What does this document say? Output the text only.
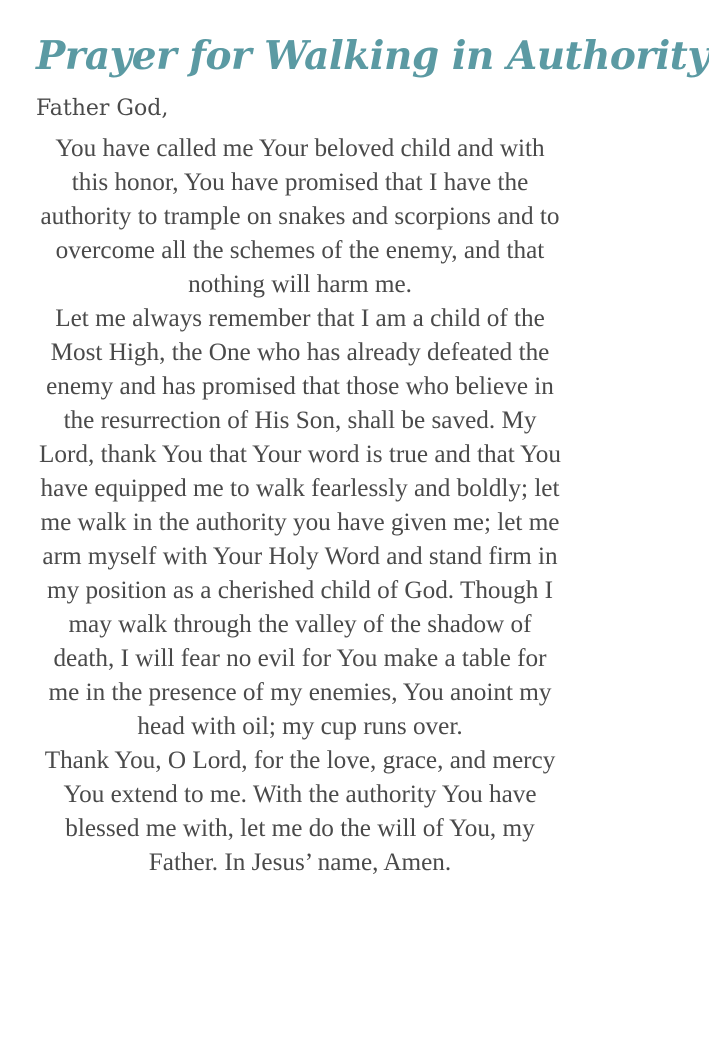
Prayer for Walking in Authority
Father God,

You have called me Your beloved child and with this honor, You have promised that I have the authority to trample on snakes and scorpions and to overcome all the schemes of the enemy, and that nothing will harm me.

Let me always remember that I am a child of the Most High, the One who has already defeated the enemy and has promised that those who believe in the resurrection of His Son, shall be saved. My Lord, thank You that Your word is true and that You have equipped me to walk fearlessly and boldly; let me walk in the authority you have given me; let me arm myself with Your Holy Word and stand firm in my position as a cherished child of God. Though I may walk through the valley of the shadow of death, I will fear no evil for You make a table for me in the presence of my enemies, You anoint my head with oil; my cup runs over.

Thank You, O Lord, for the love, grace, and mercy You extend to me. With the authority You have blessed me with, let me do the will of You, my Father. In Jesus’ name, Amen.
